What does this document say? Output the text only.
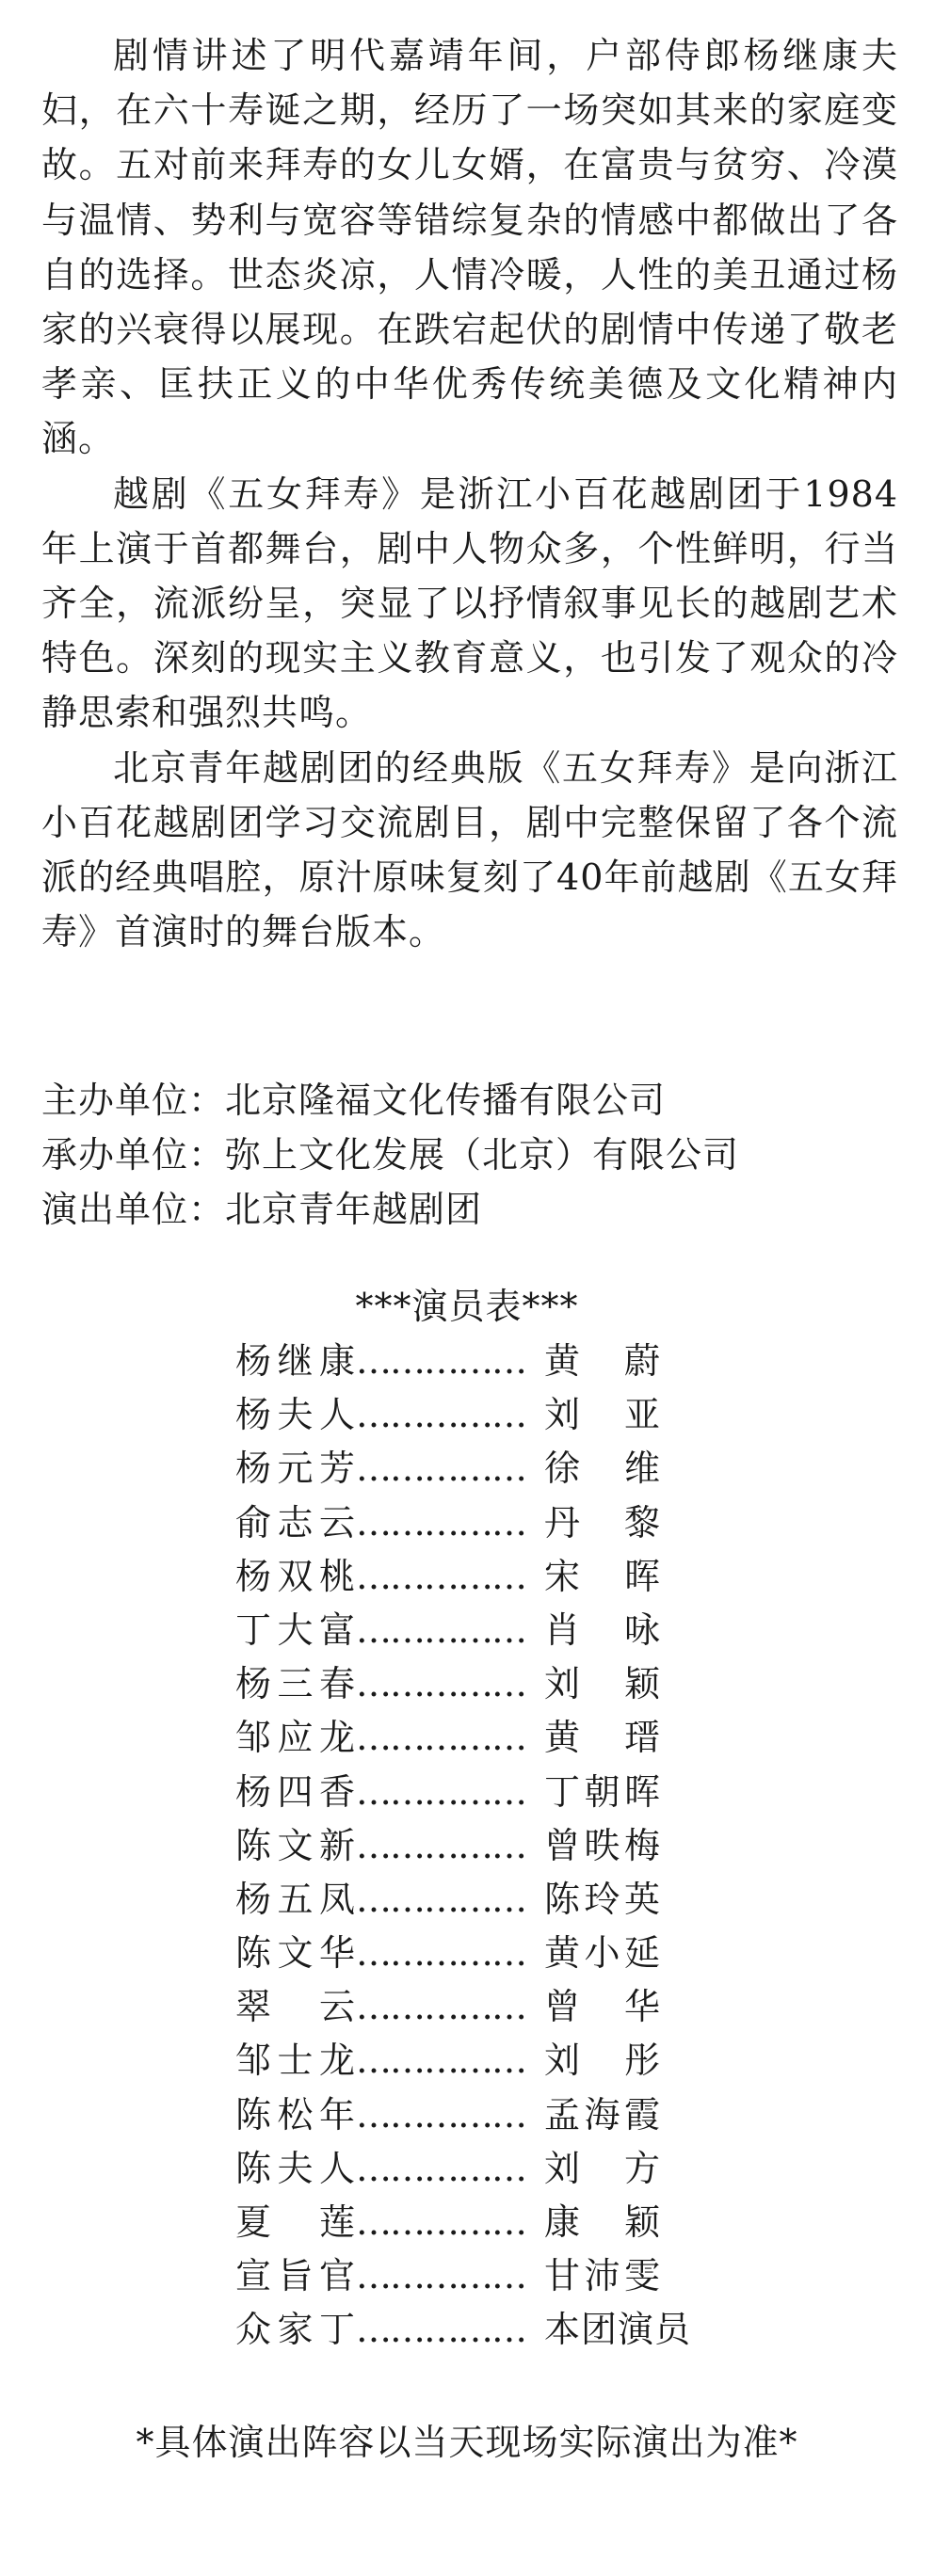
剧情讲述了明代嘉靖年间，户部侍郎杨继康夫妇，在六十寿诞之期，经历了一场突如其来的家庭变故。五对前来拜寿的女儿女婿，在富贵与贫穷、冷漠与温情、势利与宽容等错综复杂的情感中都做出了各自的选择。世态炎凉，人情冷暖，人性的美丑通过杨家的兴衰得以展现。在跌宕起伏的剧情中传递了敬老孝亲、匡扶正义的中华优秀传统美德及文化精神内涵。

越剧《五女拜寿》是浙江小百花越剧团于1984年上演于首都舞台，剧中人物众多，个性鲜明，行当齐全，流派纷呈，突显了以抒情叙事见长的越剧艺术特色。深刻的现实主义教育意义，也引发了观众的冷静思索和强烈共鸣。

北京青年越剧团的经典版《五女拜寿》是向浙江小百花越剧团学习交流剧目，剧中完整保留了各个流派的经典唱腔，原汁原味复刻了40年前越剧《五女拜寿》首演时的舞台版本。

主办单位：北京隆福文化传播有限公司
承办单位：弥上文化发展（北京）有限公司
演出单位：北京青年越剧团
***演员表***
杨继康 …………… 黄蔚
杨夫人 …………… 刘亚
杨元芳 …………… 徐维
俞志云 …………… 丹黎
杨双桃 …………… 宋晖
丁大富 …………… 肖咏
杨三春 …………… 刘颖
邹应龙 …………… 黄瑨
杨四香 …………… 丁朝晖
陈文新 …………… 曾昳梅
杨五凤 …………… 陈玲英
陈文华 …………… 黄小延
翠云 …………… 曾华
邹士龙 …………… 刘彤
陈松年 …………… 孟海霞
陈夫人 …………… 刘方
夏莲 …………… 康颖
宣旨官 …………… 甘沛雯
众家丁 …………… 本团演员
*具体演出阵容以当天现场实际演出为准*
